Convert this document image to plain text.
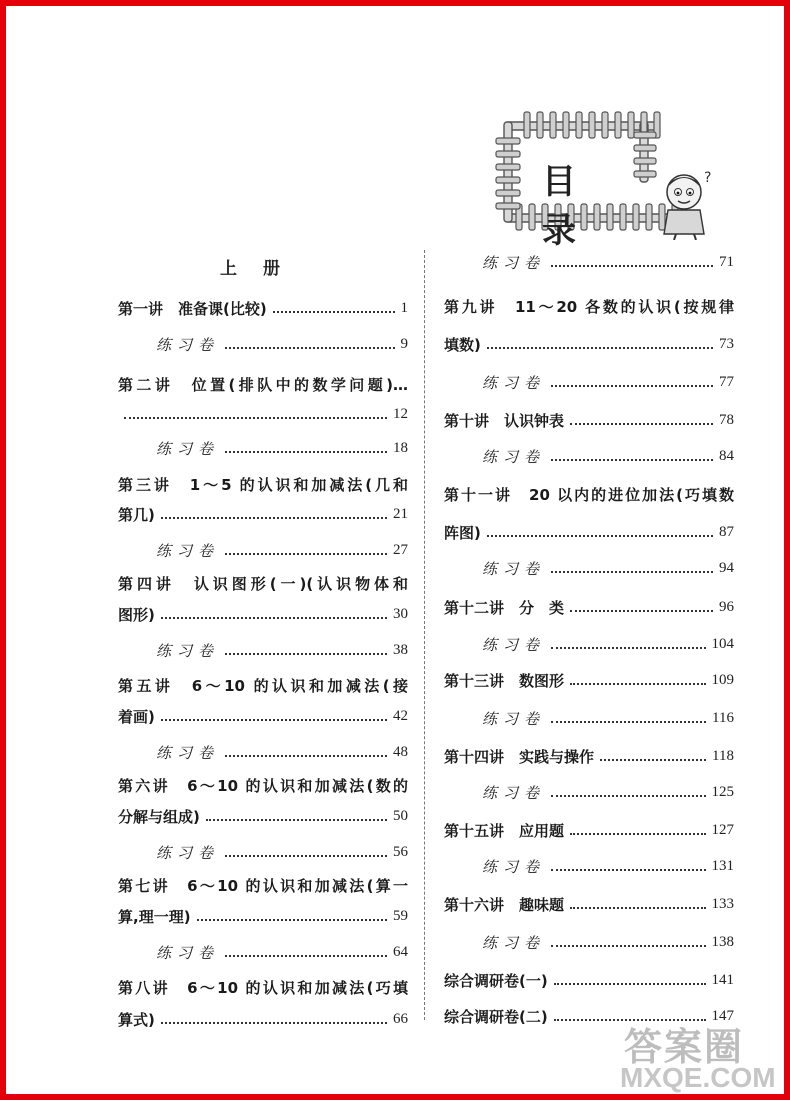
目录
?
上册
第一讲　准备课(比较)	1
练习卷	9
第二讲　位置(排队中的数学问题)…
12
练习卷	18
第三讲　1～5 的认识和加减法(几和
第几)	21
练习卷	27
第四讲　认识图形(一)(认识物体和
图形)	30
练习卷	38
第五讲　6～10 的认识和加减法(接
着画)	42
练习卷	48
第六讲　6～10 的认识和加减法(数的
分解与组成)	50
练习卷	56
第七讲　6～10 的认识和加减法(算一
算,理一理)	59
练习卷	64
第八讲　6～10 的认识和加减法(巧填
算式)	66
练习卷	71
第九讲　11～20 各数的认识(按规律
填数)	73
练习卷	77
第十讲　认识钟表	78
练习卷	84
第十一讲　20 以内的进位加法(巧填数
阵图)	87
练习卷	94
第十二讲　分　类	96
练习卷	104
第十三讲　数图形	109
练习卷	116
第十四讲　实践与操作	118
练习卷	125
第十五讲　应用题	127
练习卷	131
第十六讲　趣味题	133
练习卷	138
综合调研卷(一)	141
综合调研卷(二)	147
答案圈
MXQE.COM
